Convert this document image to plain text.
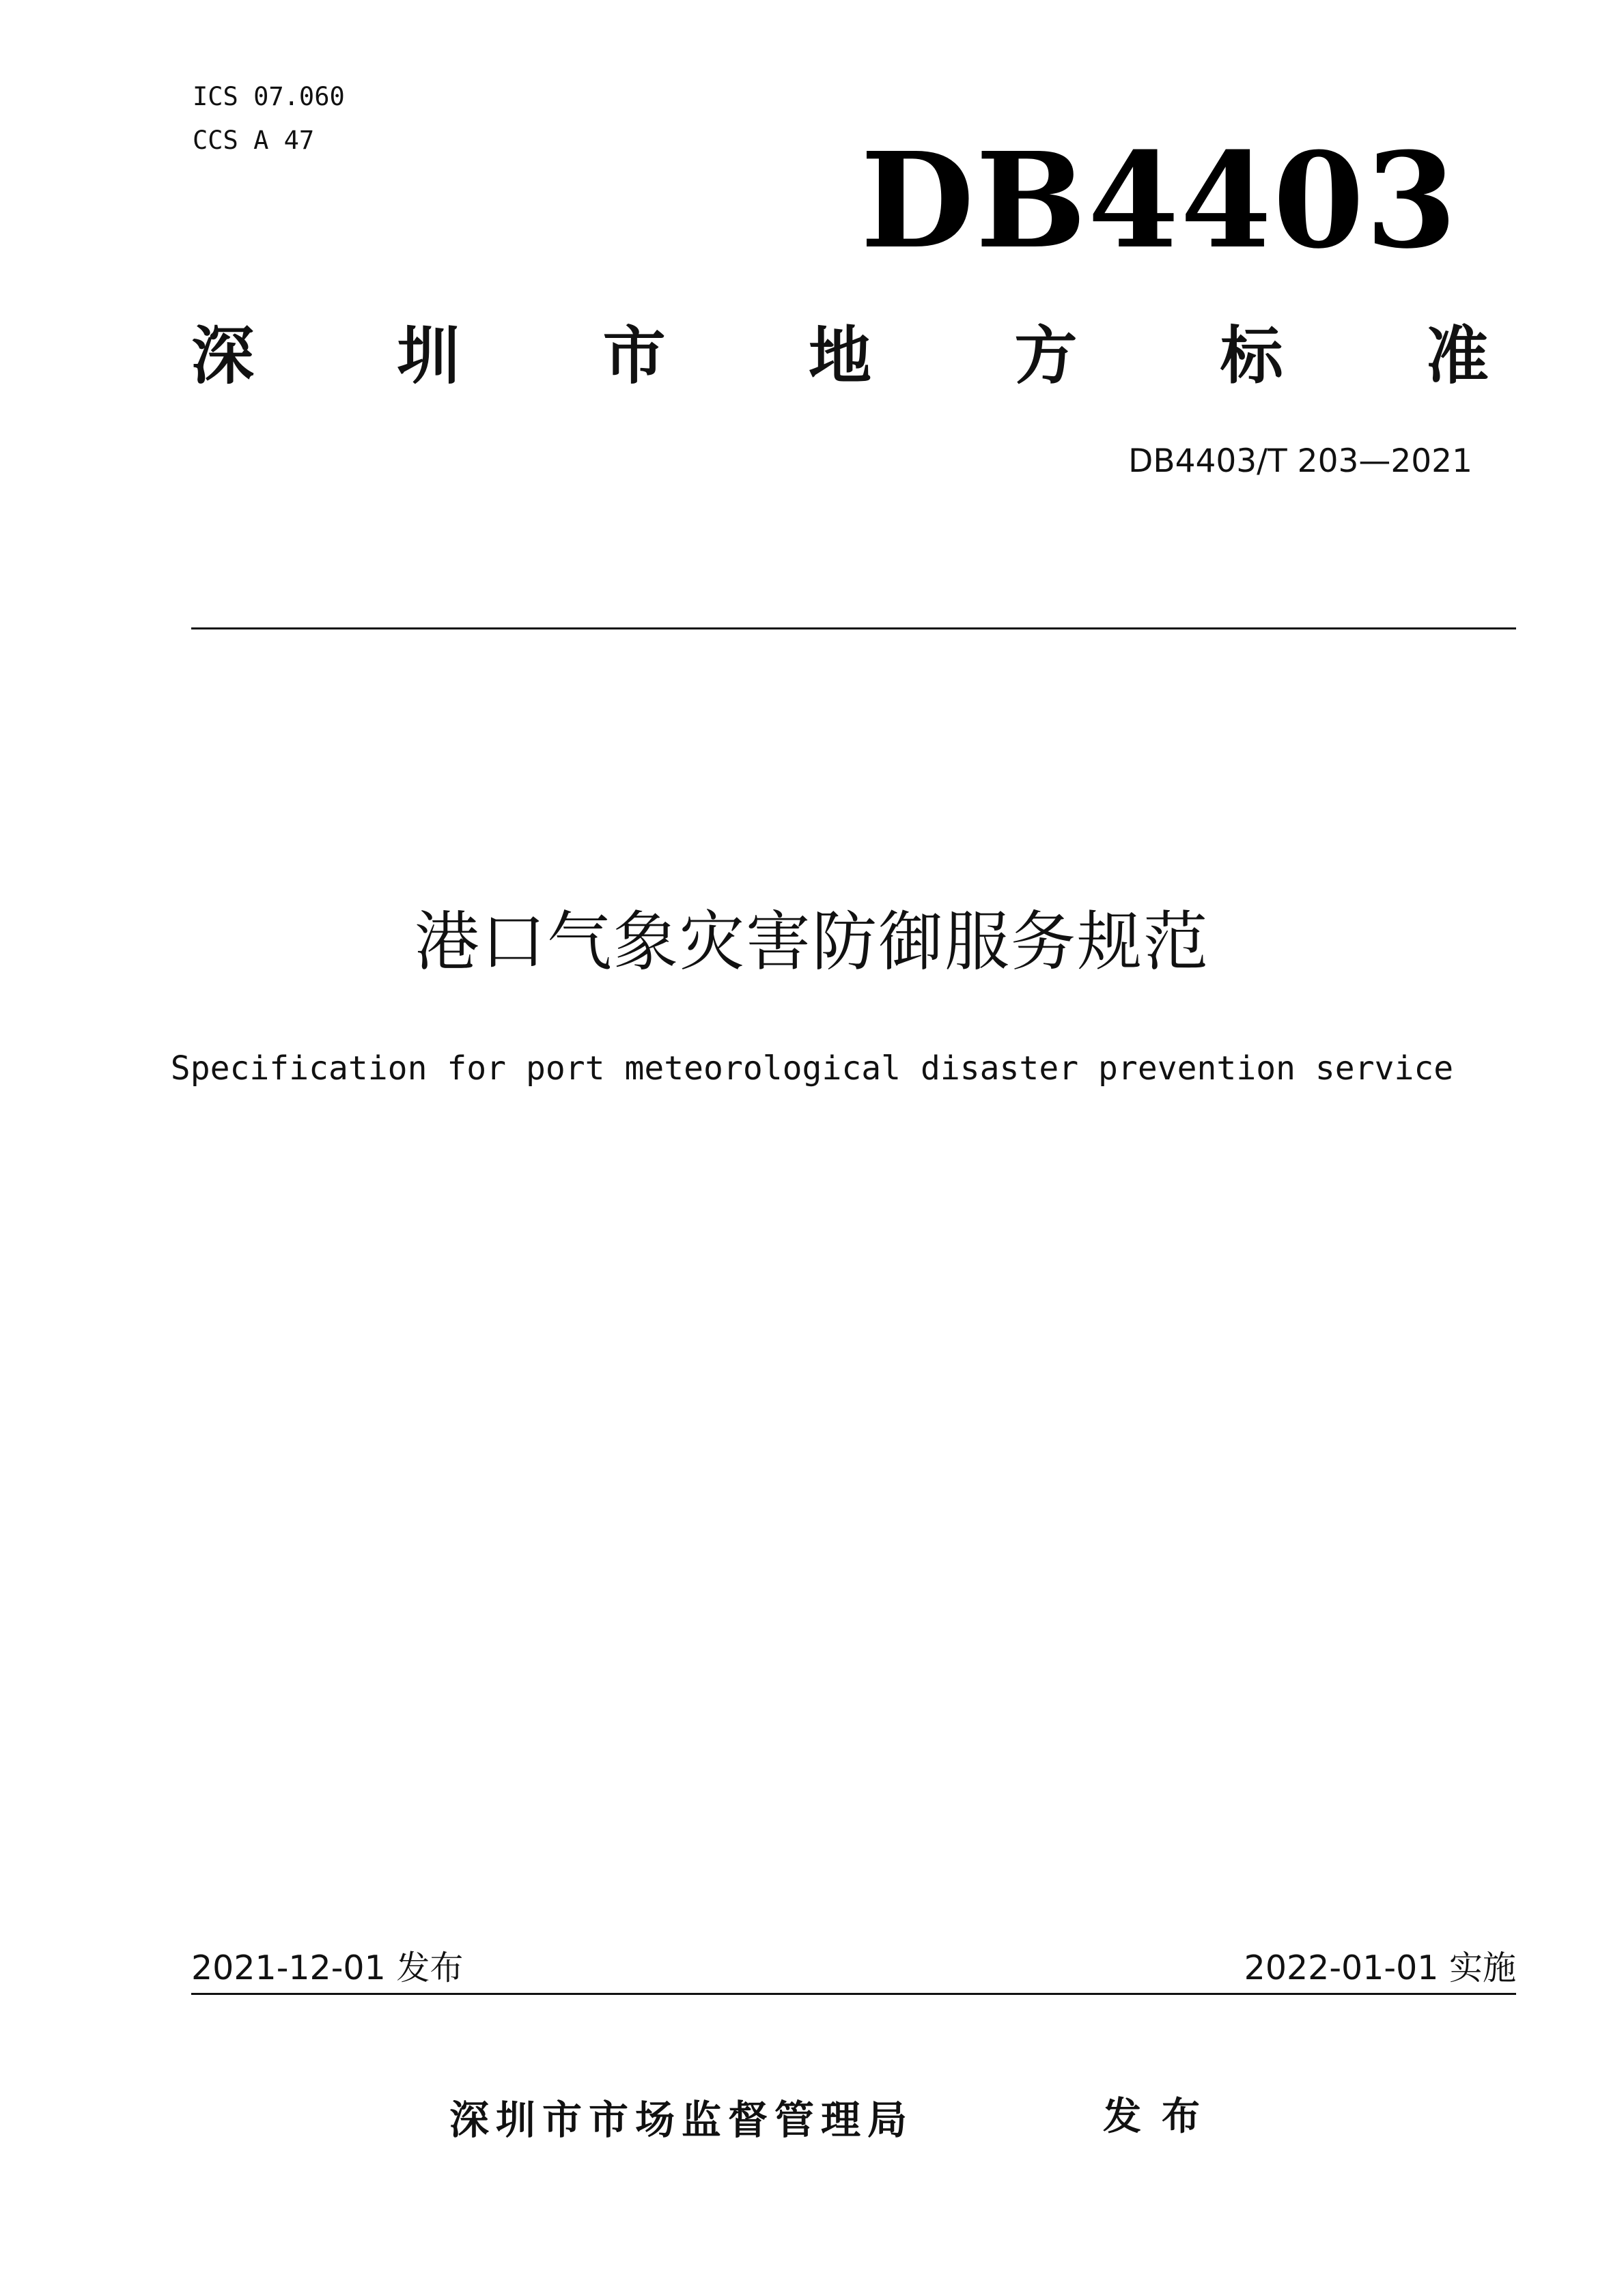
ICS 07.060
CCS A 47	DB4403
深 圳 市 地 方 标 准
DB4403/T 203—2021
港口气象灾害防御服务规范
Specification for port meteorological disaster prevention service
2021-12-01 发布	2022-01-01 实施
深圳市市场监督管理局	发布
